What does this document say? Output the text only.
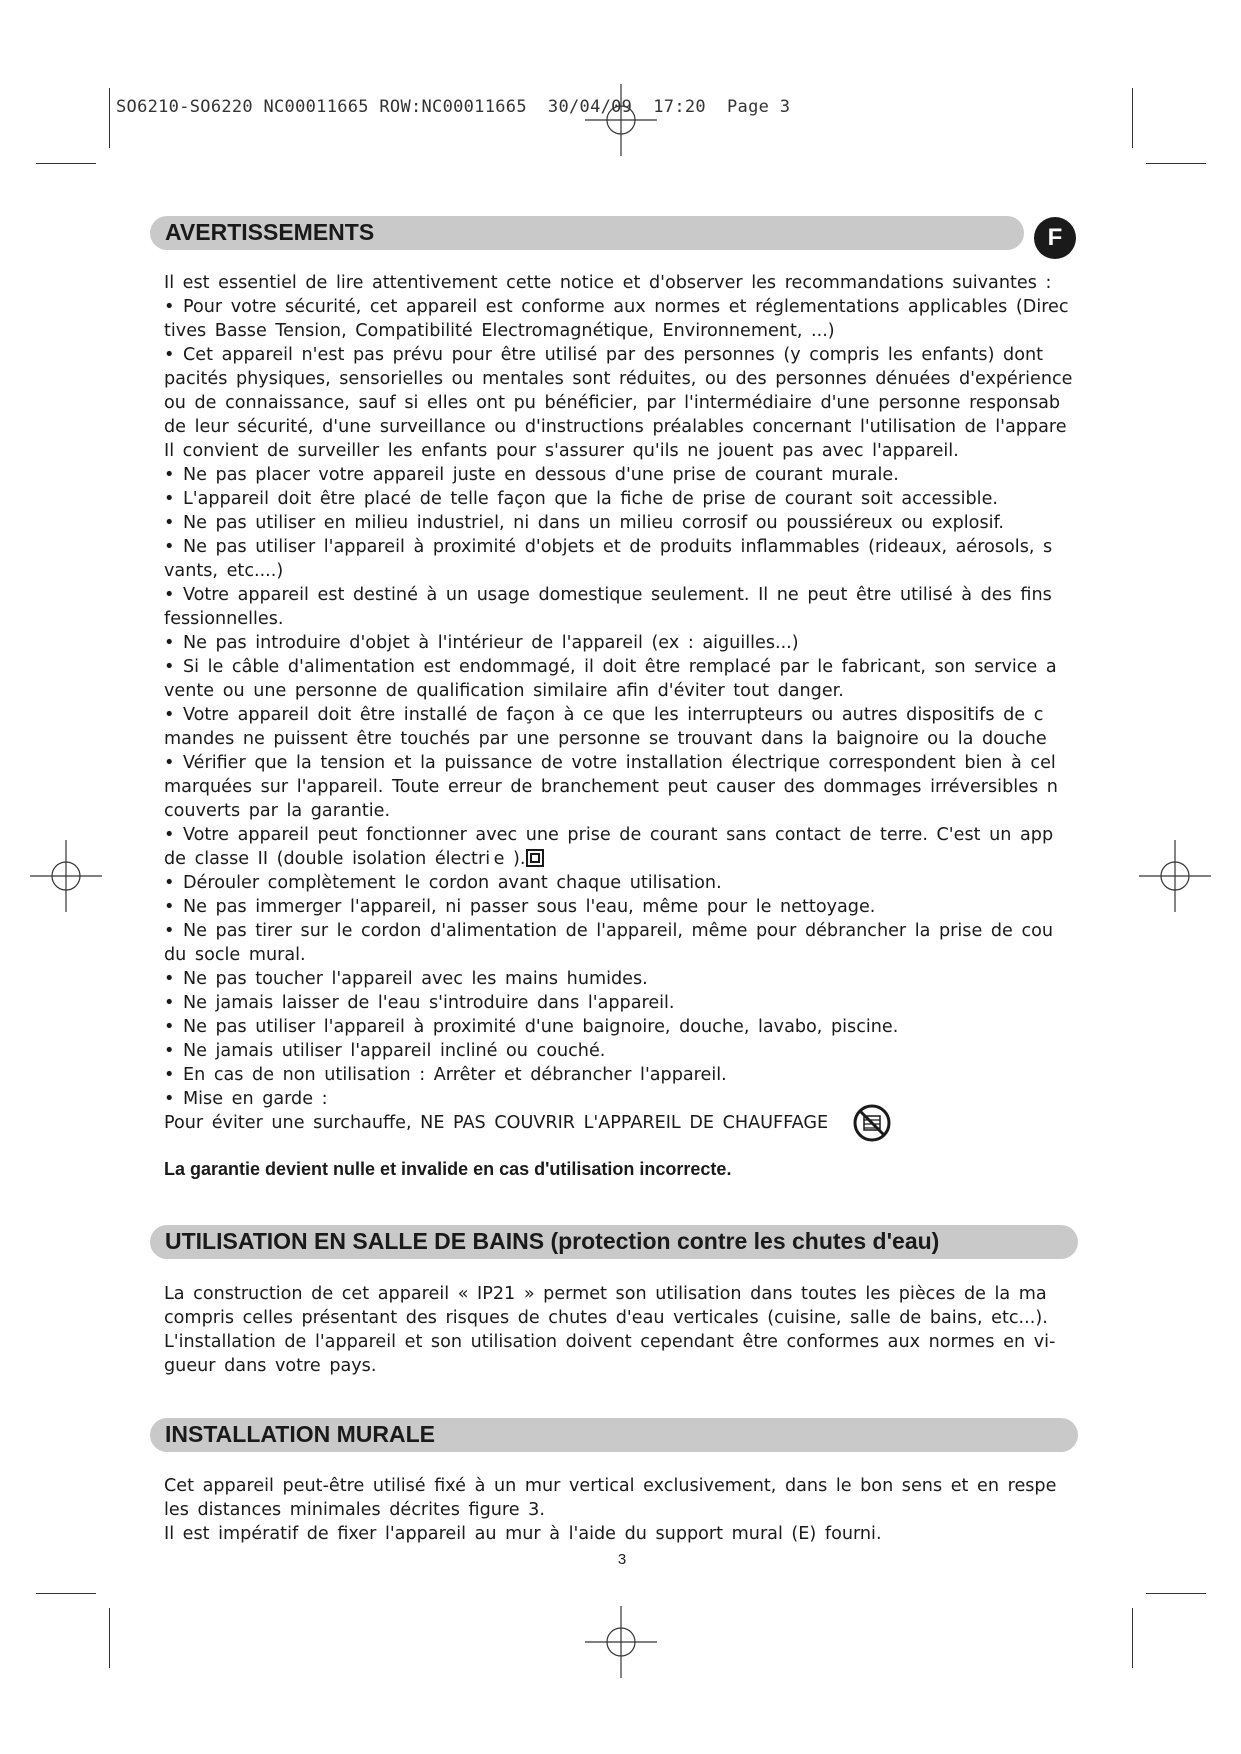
SO6210-SO6220 NC00011665 ROW:NC00011665  30/04/09  17:20  Page 3
AVERTISSEMENTS	F

Il est essentiel de lire attentivement cette notice et d'observer les recommandations suivantes :

• Pour votre sécurité, cet appareil est conforme aux normes et réglementations applicables (Direc

tives Basse Tension, Compatibilité Electromagnétique, Environnement, ...)

• Cet appareil n'est pas prévu pour être utilisé par des personnes (y compris les enfants) dont

pacités physiques, sensorielles ou mentales sont réduites, ou des personnes dénuées d'expérience

ou de connaissance, sauf si elles ont pu bénéficier, par l'intermédiaire d'une personne responsab

de leur sécurité, d'une surveillance ou d'instructions préalables concernant l'utilisation de l'appare

Il convient de surveiller les enfants pour s'assurer qu'ils ne jouent pas avec l'appareil.

• Ne pas placer votre appareil juste en dessous d'une prise de courant murale.

• L'appareil doit être placé de telle façon que la fiche de prise de courant soit accessible.

• Ne pas utiliser en milieu industriel, ni dans un milieu corrosif ou poussiéreux ou explosif.

• Ne pas utiliser l'appareil à proximité d'objets et de produits inflammables (rideaux, aérosols, s

vants, etc....)

• Votre appareil est destiné à un usage domestique seulement. Il ne peut être utilisé à des fins

fessionnelles.

• Ne pas introduire d'objet à l'intérieur de l'appareil (ex : aiguilles...)

• Si le câble d'alimentation est endommagé, il doit être remplacé par le fabricant, son service a

vente ou une personne de qualification similaire afin d'éviter tout danger.

• Votre appareil doit être installé de façon à ce que les interrupteurs ou autres dispositifs de c

mandes ne puissent être touchés par une personne se trouvant dans la baignoire ou la douche

• Vérifier que la tension et la puissance de votre installation électrique correspondent bien à cel

marquées sur l'appareil. Toute erreur de branchement peut causer des dommages irréversibles n

couverts par la garantie.

• Votre appareil peut fonctionner avec une prise de courant sans contact de terre. C'est un app

de classe II (double isolation électri e ).

• Dérouler complètement le cordon avant chaque utilisation.

• Ne pas immerger l'appareil, ni passer sous l'eau, même pour le nettoyage.

• Ne pas tirer sur le cordon d'alimentation de l'appareil, même pour débrancher la prise de cou

du socle mural.

• Ne pas toucher l'appareil avec les mains humides.

• Ne jamais laisser de l'eau s'introduire dans l'appareil.

• Ne pas utiliser l'appareil à proximité d'une baignoire, douche, lavabo, piscine.

• Ne jamais utiliser l'appareil incliné ou couché.

• En cas de non utilisation : Arrêter et débrancher l'appareil.

• Mise en garde :

Pour éviter une surchauffe, NE PAS COUVRIR L'APPAREIL DE CHAUFFAGE

La garantie devient nulle et invalide en cas d'utilisation incorrecte.

UTILISATION EN SALLE DE BAINS (protection contre les chutes d'eau)

La construction de cet appareil « IP21 » permet son utilisation dans toutes les pièces de la ma

compris celles présentant des risques de chutes d'eau verticales (cuisine, salle de bains, etc...).

L'installation de l'appareil et son utilisation doivent cependant être conformes aux normes en vi-

gueur dans votre pays.

INSTALLATION MURALE

Cet appareil peut-être utilisé fixé à un mur vertical exclusivement, dans le bon sens et en respe

les distances minimales décrites figure 3.

Il est impératif de fixer l'appareil au mur à l'aide du support mural (E) fourni.

3
